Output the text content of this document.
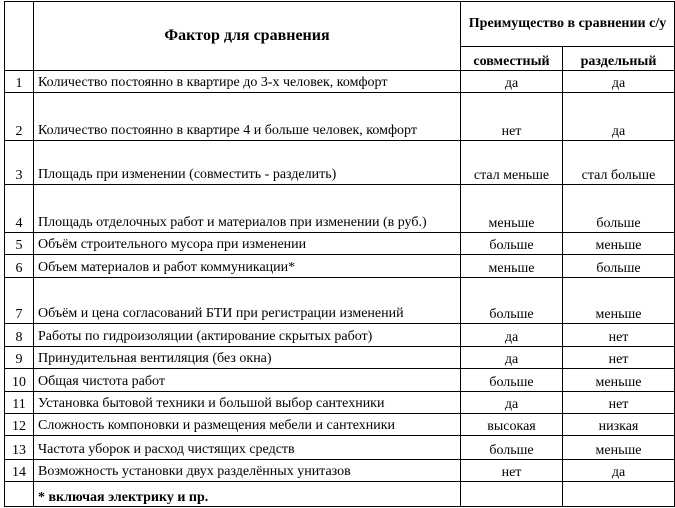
	Фактор для сравнения	Преимущество в сравнении с/у	
		совместный	раздельный
1	Количество постоянно в квартире до 3-х человек, комфорт	да	да
2	Количество постоянно в квартире 4 и больше человек, комфорт	нет	да
3	Площадь при изменении (совместить - разделить)	стал меньше	стал больше
4	Площадь отделочных работ и материалов при изменении (в руб.)	меньше	больше
5	Объём строительного мусора при изменении	больше	меньше
6	Объем материалов и работ коммуникации*	меньше	больше
7	Объём и цена согласований БТИ при регистрации изменений	больше	меньше
8	Работы по гидроизоляции (актирование скрытых работ)	да	нет
9	Принудительная вентиляция (без окна)	да	нет
10	Общая чистота работ	больше	меньше
11	Установка бытовой техники и большой выбор сантехники	да	нет
12	Сложность компоновки и размещения мебели и сантехники	высокая	низкая
13	Частота уборок и расход чистящих средств	больше	меньше
14	Возможность установки двух разделённых унитазов	нет	да
	* включая электрику и пр.		
